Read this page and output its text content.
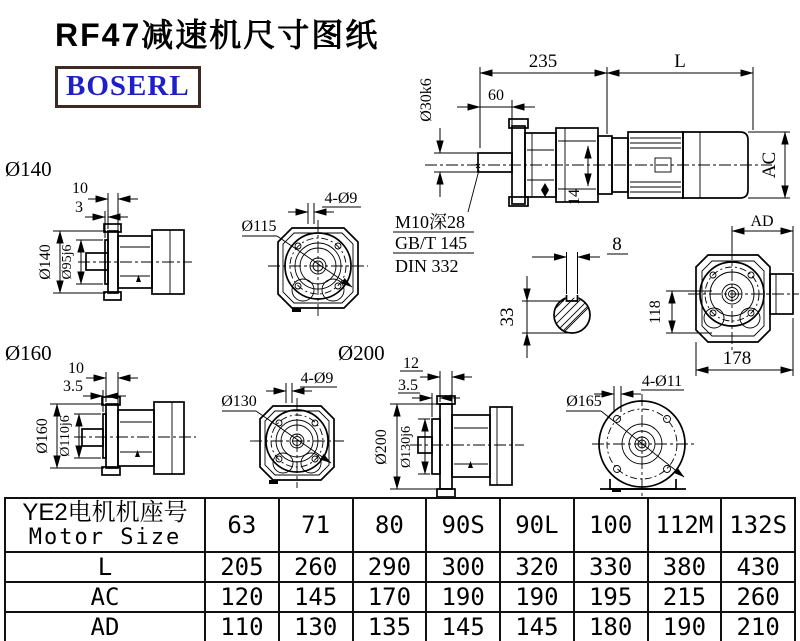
RF47减速机尺寸图纸
BOSERL
235	L
60
Ø30k6
AC
AD
14
M10深28
GB/T 145
DIN 332
8
33	118
178
Ø140
10
3
Ø140 Ø95j6
4-Ø9
Ø115
Ø160
10
3.5
Ø160 Ø110j6
Ø200
4-Ø9
Ø130
12
3.5
Ø200 Ø130j6
4-Ø11
Ø165
YE2电机机座号
Motor Size	63	71	80	90S	90L	100	112M	132S
L	205	260	290	300	320	330	380	430
AC	120	145	170	190	190	195	215	260
AD	110	130	135	145	145	180	190	210
